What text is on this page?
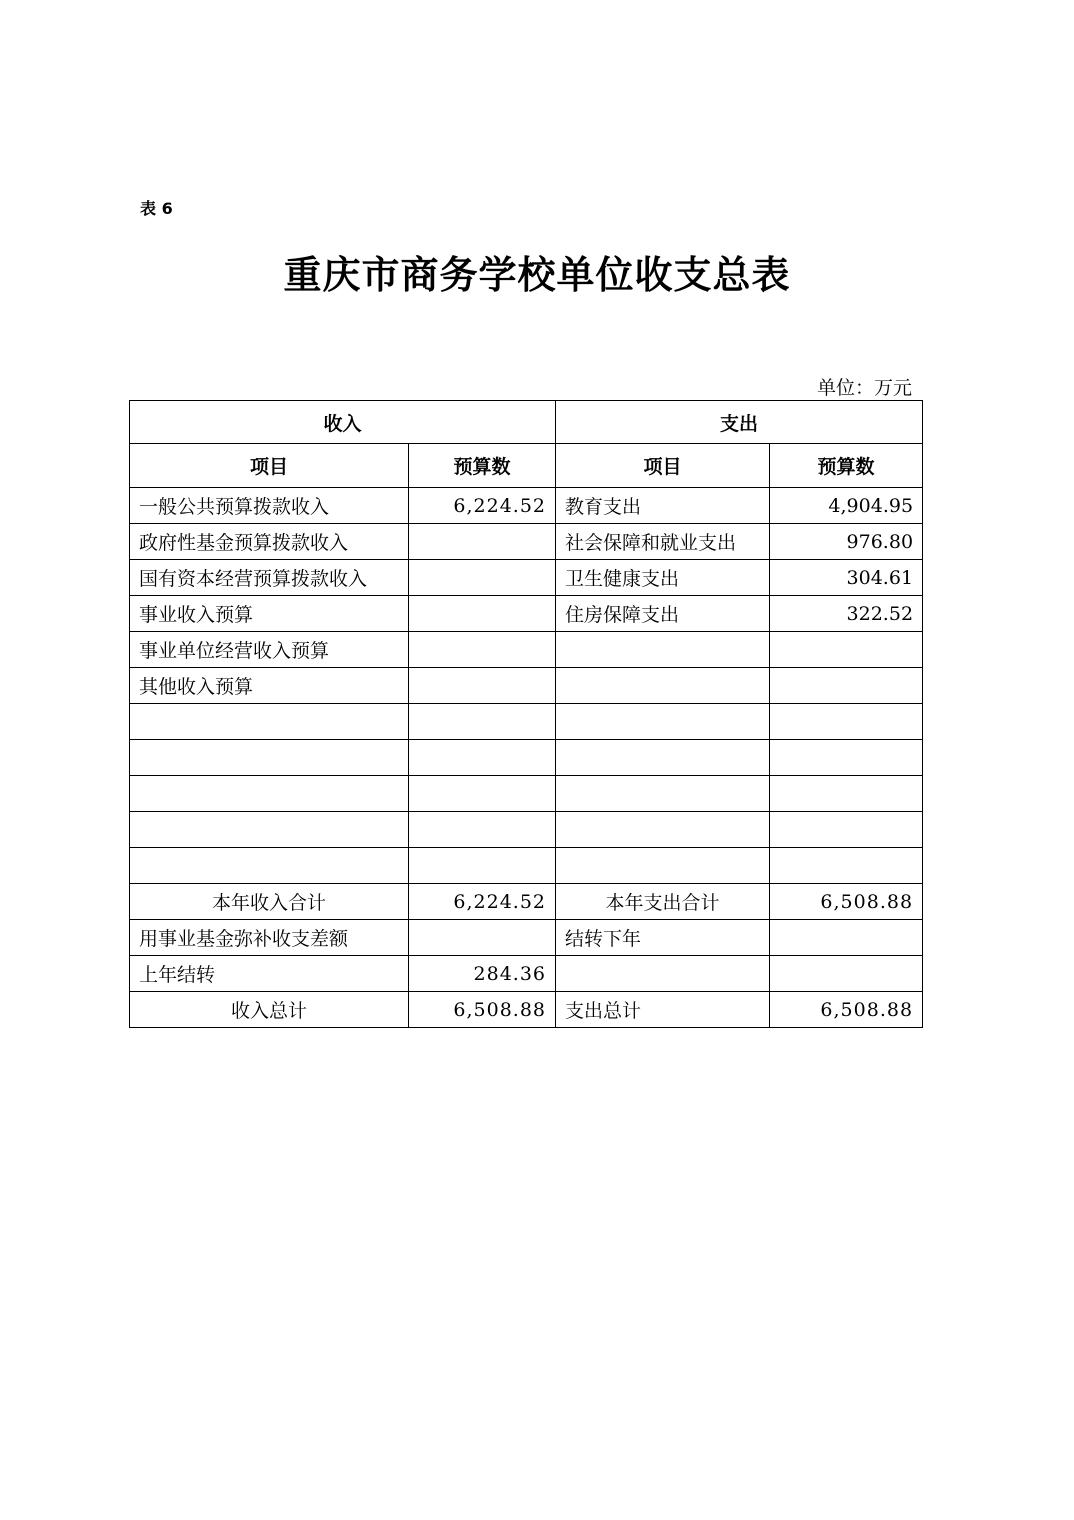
表 6
重庆市商务学校单位收支总表
单位：万元
收入		支出	
项目	预算数	项目	预算数
一般公共预算拨款收入	6,224.52	教育支出	4,904.95
政府性基金预算拨款收入		社会保障和就业支出	976.80
国有资本经营预算拨款收入		卫生健康支出	304.61
事业收入预算		住房保障支出	322.52
事业单位经营收入预算			
其他收入预算			

本年收入合计	6,224.52	本年支出合计	6,508.88
用事业基金弥补收支差额		结转下年	
上年结转	284.36		
收入总计	6,508.88	支出总计	6,508.88
